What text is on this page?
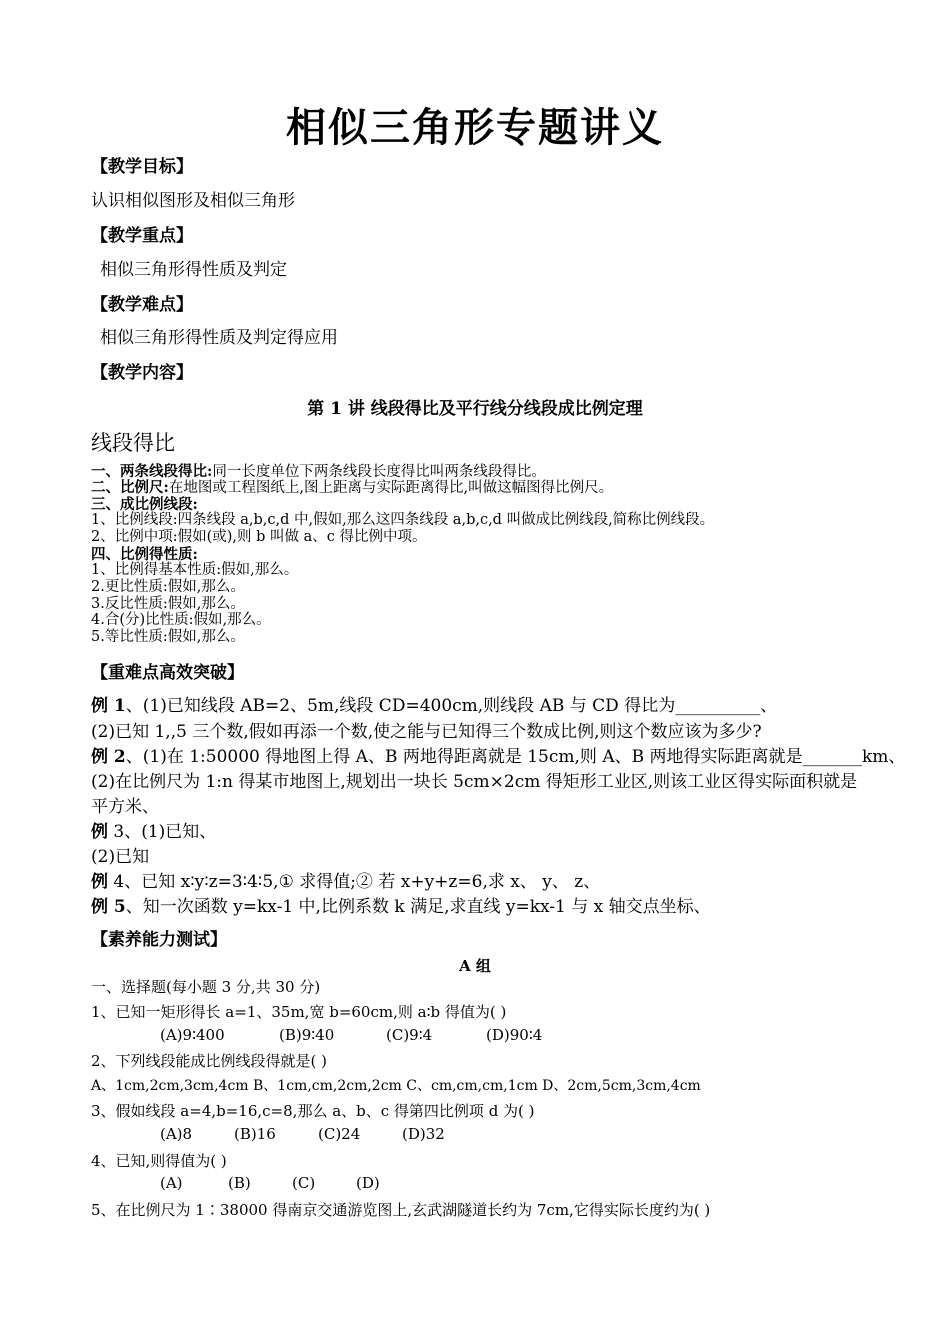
相似三角形专题讲义
【教学目标】
认识相似图形及相似三角形
【教学重点】
相似三角形得性质及判定
【教学难点】
相似三角形得性质及判定得应用
【教学内容】
第 1 讲 线段得比及平行线分线段成比例定理
线段得比
一、两条线段得比:同一长度单位下两条线段长度得比叫两条线段得比。
二、比例尺:在地图或工程图纸上,图上距离与实际距离得比,叫做这幅图得比例尺。
三、成比例线段:
1、比例线段:四条线段 a,b,c,d 中,假如,那么这四条线段 a,b,c,d 叫做成比例线段,简称比例线段。
2、比例中项:假如(或),则 b 叫做 a、c 得比例中项。
四、比例得性质:
1、比例得基本性质:假如,那么。
2.更比性质:假如,那么。
3.反比性质:假如,那么。
4.合(分)比性质:假如,那么。
5.等比性质:假如,那么。
【重难点高效突破】
例 1、(1)已知线段 AB=2、5m,线段 CD=400cm,则线段 AB 与 CD 得比为__________、
(2)已知 1,,5 三个数,假如再添一个数,使之能与已知得三个数成比例,则这个数应该为多少?
例 2、(1)在 1:50000 得地图上得 A、B 两地得距离就是 15cm,则 A、B 两地得实际距离就是_______km、
(2)在比例尺为 1:n 得某市地图上,规划出一块长 5cm×2cm 得矩形工业区,则该工业区得实际面积就是
平方米、
例 3、(1)已知、
(2)已知
例 4、已知 x∶y∶z=3∶4∶5,① 求得值;② 若 x+y+z=6,求 x、 y、 z、
例 5、知一次函数 y=kx-1 中,比例系数 k 满足,求直线 y=kx-1 与 x 轴交点坐标、
【素养能力测试】
A 组
一、选择题(每小题 3 分,共 30 分)
1、已知一矩形得长 a=1、35m,宽 b=60cm,则 a∶b 得值为( )
(A)9∶400	(B)9∶40	(C)9∶4	(D)90∶4
2、下列线段能成比例线段得就是( )
A、1cm,2cm,3cm,4cm B、1cm,cm,2cm,2cm C、cm,cm,cm,1cm D、2cm,5cm,3cm,4cm
3、假如线段 a=4,b=16,c=8,那么 a、b、c 得第四比例项 d 为( )
(A)8	(B)16	(C)24	(D)32
4、已知,则得值为( )
(A)	(B)	(C)	(D)
5、在比例尺为 1∶38000 得南京交通游览图上,玄武湖隧道长约为 7cm,它得实际长度约为( )
